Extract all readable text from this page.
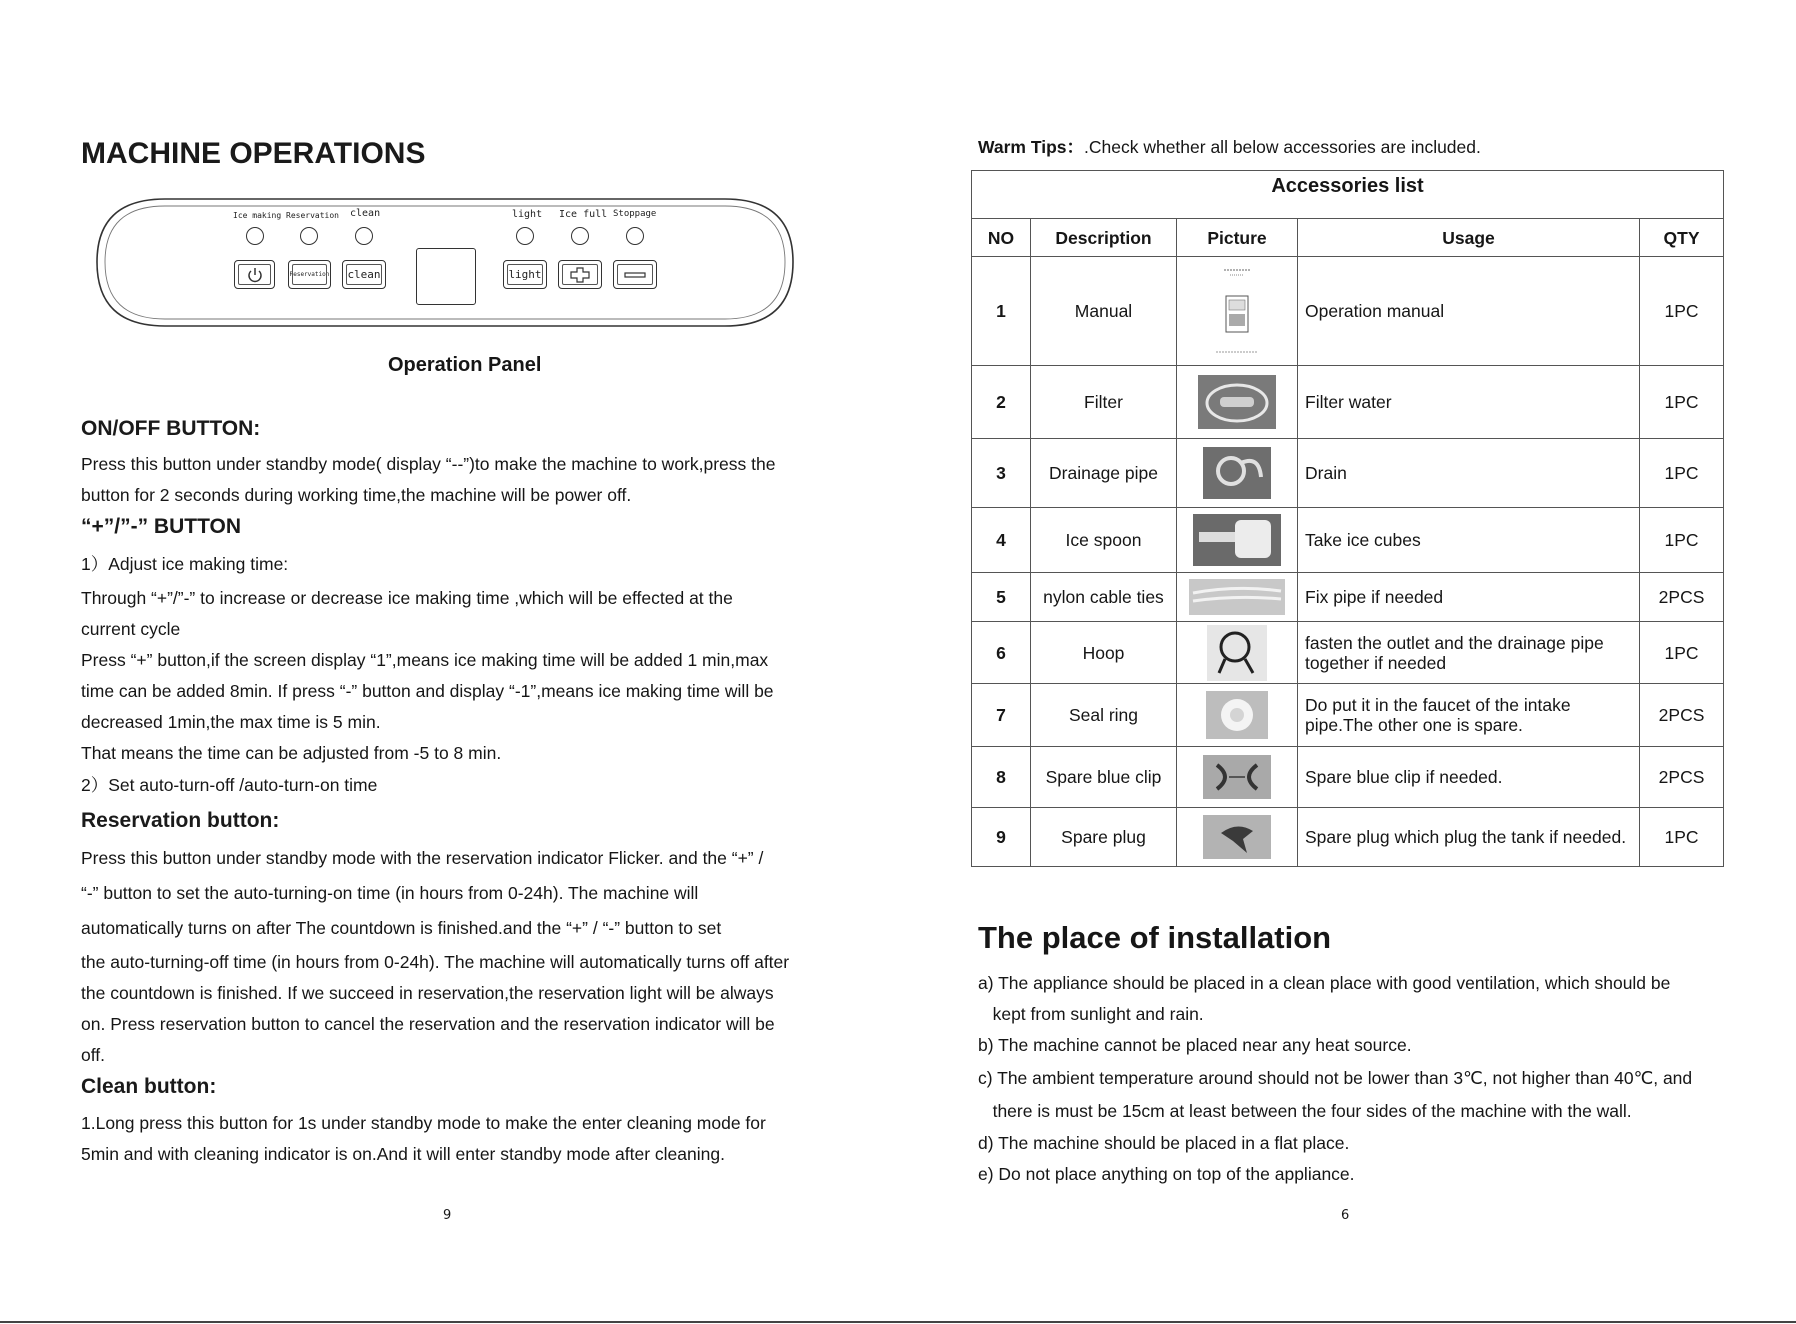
MACHINE OPERATIONS
Ice making Reservation clean	light Ice full Stoppage
Reservation clean	light
Operation Panel
ON/OFF BUTTON:
Press this button under standby mode( display “--”)to make the machine to work,press the
button for 2 seconds during working time,the machine will be power off.
“+”/”-” BUTTON
1）Adjust ice making time:
Through “+”/”-” to increase or decrease ice making time ,which will be effected at the
current cycle
Press “+” button,if the screen display “1”,means ice making time will be added 1 min,max
time can be added 8min. If press “-” button and display “-1”,means ice making time will be
decreased 1min,the max time is 5 min.
That means the time can be adjusted from -5 to 8 min.
2）Set auto-turn-off /auto-turn-on time
Reservation button:
Press this button under standby mode with the reservation indicator Flicker. and the “+” /
“-” button to set the auto-turning-on time (in hours from 0-24h). The machine will
automatically turns on after The countdown is finished.and the “+” / “-” button to set
the auto-turning-off time (in hours from 0-24h). The machine will automatically turns off after
the countdown is finished. If we succeed in reservation,the reservation light will be always
on. Press reservation button to cancel the reservation and the reservation indicator will be
off.
Clean button:
1.Long press this button for 1s under standby mode to make the enter cleaning mode for
5min and with cleaning indicator is on.And it will enter standby mode after cleaning.
9
Warm Tips：.Check whether all below accessories are included.
Accessories list				
NO	Description	Picture	Usage	QTY
1	Manual		Operation manual	1PC
2	Filter		Filter water	1PC
3	Drainage pipe		Drain	1PC
4	Ice spoon		Take ice cubes	1PC
5	nylon cable ties		Fix pipe if needed	2PCS
6	Hoop		fasten the outlet and the drainage pipe together if needed	1PC
7	Seal ring		Do put it in the faucet of the intake pipe.The other one is spare.	2PCS
8	Spare blue clip		Spare blue clip if needed.	2PCS
9	Spare plug		Spare plug which plug the tank if needed.	1PC
The place of installation
a) The appliance should be placed in a clean place with good ventilation, which should be
kept from sunlight and rain.
b) The machine cannot be placed near any heat source.
c) The ambient temperature around should not be lower than 3℃, not higher than 40℃, and
there is must be 15cm at least between the four sides of the machine with the wall.
d) The machine should be placed in a flat place.
e) Do not place anything on top of the appliance.
6
